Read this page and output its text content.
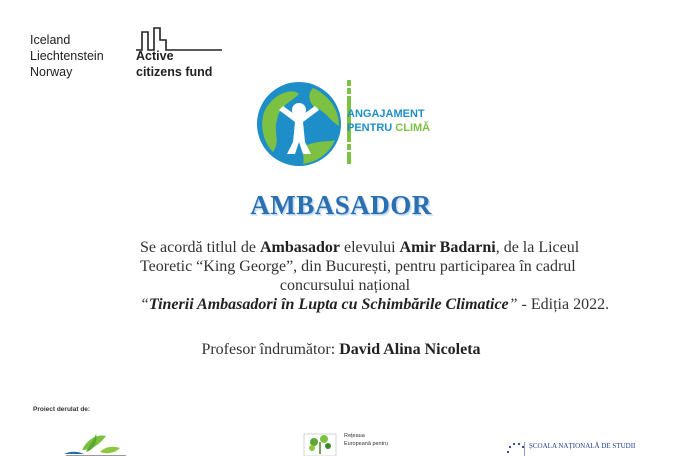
Iceland
Liechtenstein
Norway
Active
citizens fund
ANGAJAMENT
PENTRU CLIMĂ
AMBASADOR
Se acordă titlul de Ambasador elevului Amir Badarni, de la Liceul
Teoretic “King George”, din București, pentru participarea în cadrul
concursului național
“Tinerii Ambasadori în Lupta cu Schimbările Climatice” - Ediția 2022.
Profesor îndrumător: David Alina Nicoleta
Proiect derulat de:
Rețeaua
Europeană pentru	ȘCOALA NAȚIONALĂ DE STUDII
